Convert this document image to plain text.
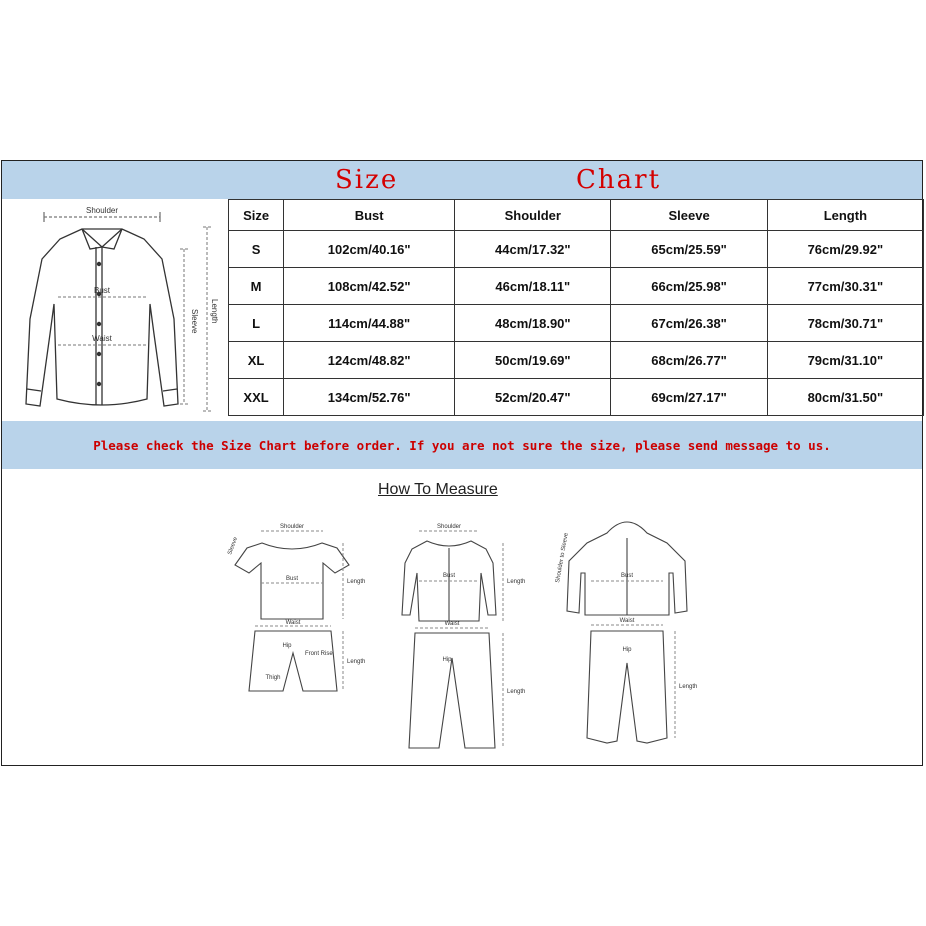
Size	Chart
Shoulder
Bust
Waist
Sleeve Length
Size	Bust	Shoulder	Sleeve	Length
S	102cm/40.16"	44cm/17.32"	65cm/25.59"	76cm/29.92"
M	108cm/42.52"	46cm/18.11"	66cm/25.98"	77cm/30.31"
L	114cm/44.88"	48cm/18.90"	67cm/26.38"	78cm/30.71"
XL	124cm/48.82"	50cm/19.69"	68cm/26.77"	79cm/31.10"
XXL	134cm/52.76"	52cm/20.47"	69cm/27.17"	80cm/31.50"
Please check the Size Chart before order. If you are not sure the size, please send message to us.
How To Measure
Shoulder
Bust	Length
Sleeve
Waist
Hip
Front Rise
Thigh
Length
Shoulder
Bust
Length
Waist
Hip
Length
Shoulder to Sleeve	Bust
Waist
Hip
Length
